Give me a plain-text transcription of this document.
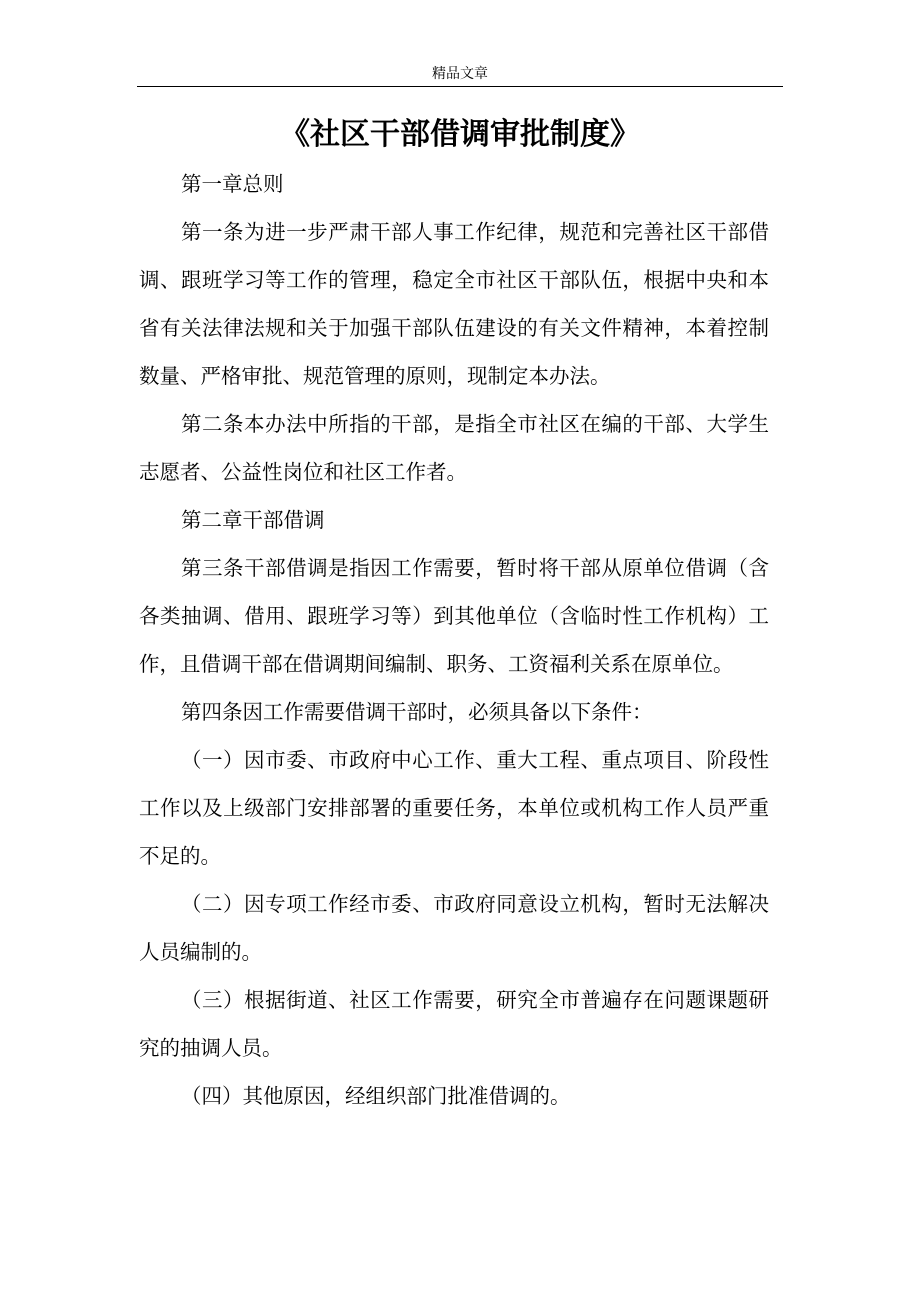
精品文章
《社区干部借调审批制度》

第一章总则

第一条为进一步严肃干部人事工作纪律，规范和完善社区干部借调、跟班学习等工作的管理，稳定全市社区干部队伍，根据中央和本省有关法律法规和关于加强干部队伍建设的有关文件精神，本着控制数量、严格审批、规范管理的原则，现制定本办法。

第二条本办法中所指的干部，是指全市社区在编的干部、大学生志愿者、公益性岗位和社区工作者。

第二章干部借调

第三条干部借调是指因工作需要，暂时将干部从原单位借调（含各类抽调、借用、跟班学习等）到其他单位（含临时性工作机构）工作，且借调干部在借调期间编制、职务、工资福利关系在原单位。

第四条因工作需要借调干部时，必须具备以下条件：

（一）因市委、市政府中心工作、重大工程、重点项目、阶段性工作以及上级部门安排部署的重要任务，本单位或机构工作人员严重不足的。

（二）因专项工作经市委、市政府同意设立机构，暂时无法解决人员编制的。

（三）根据街道、社区工作需要，研究全市普遍存在问题课题研究的抽调人员。

（四）其他原因，经组织部门批准借调的。
